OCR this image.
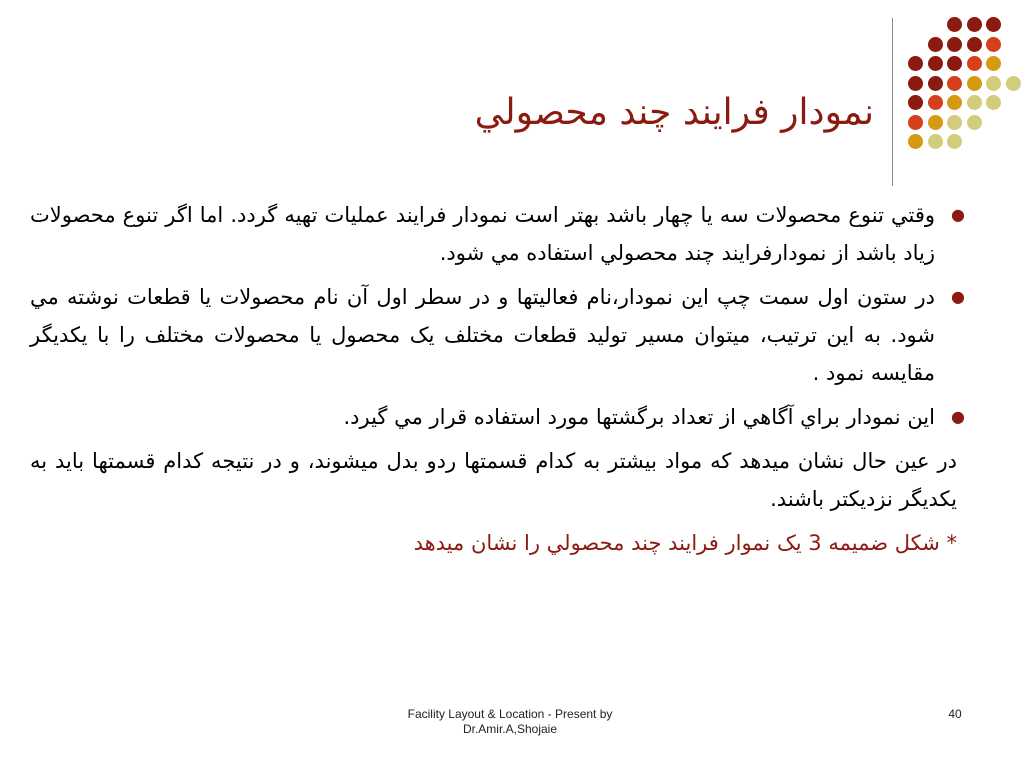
نمودار فرايند چند محصولي
● وقتي تنوع محصولات سه يا چهار باشد بهتر است نمودار فرايند عمليات تهيه گردد. اما اگر تنوع محصولات زياد باشد از نمودارفرايند چند محصولي استفاده مي شود.
● در ستون اول سمت چپ اين نمودار،نام فعاليتها و در سطر اول آن نام محصولات يا قطعات نوشته مي شود. به اين ترتيب، ميتوان مسير توليد قطعات مختلف يک محصول يا محصولات مختلف را با يکديگر مقايسه نمود .
● اين نمودار براي آگاهي از تعداد برگشتها مورد استفاده قرار مي گيرد.
در عين حال نشان ميدهد که مواد بيشتر به کدام قسمتها ردو بدل ميشوند، و در نتيجه کدام قسمتها بايد به يکديگر نزديکتر باشند.
* شکل ضميمه 3 يک نموار فرايند چند محصولي را نشان ميدهد
Facility Layout & Location - Present by Dr.Amir.A,Shojaie
40
